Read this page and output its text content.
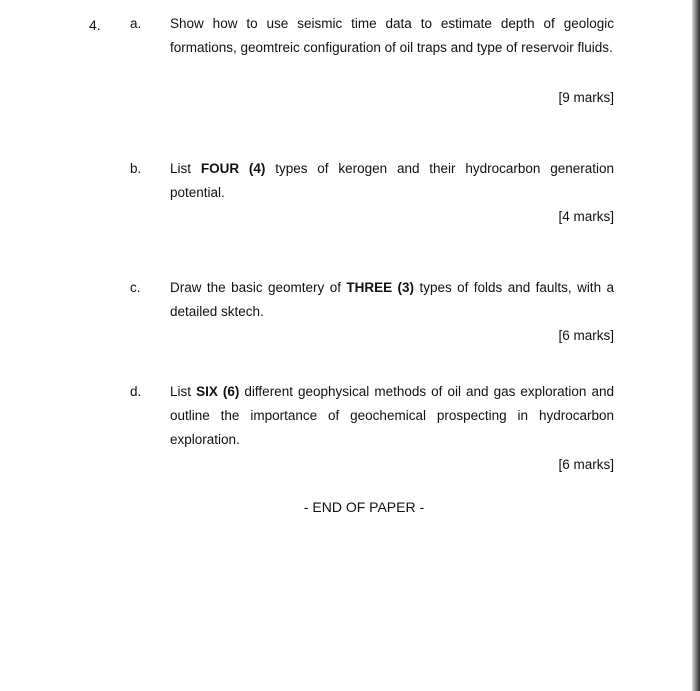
4. a. Show how to use seismic time data to estimate depth of geologic formations, geomtreic configuration of oil traps and type of reservoir fluids.
[9 marks]
b. List FOUR (4) types of kerogen and their hydrocarbon generation potential.
[4 marks]
c. Draw the basic geomtery of THREE (3) types of folds and faults, with a detailed sktech.
[6 marks]
d. List SIX (6) different geophysical methods of oil and gas exploration and outline the importance of geochemical prospecting in hydrocarbon exploration.
[6 marks]
- END OF PAPER -
